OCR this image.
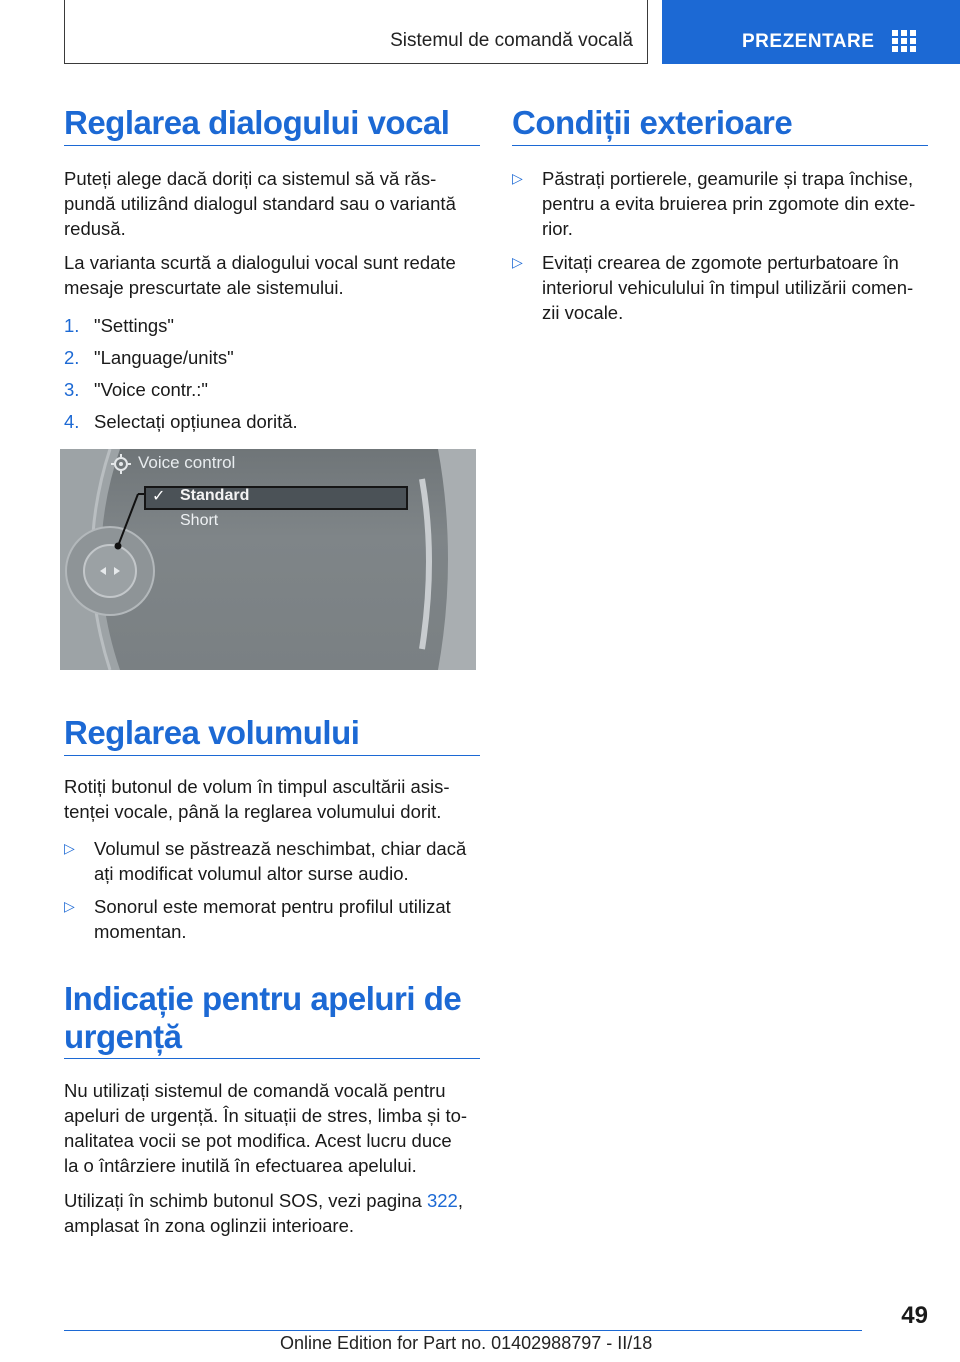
Sistemul de comandă vocală	PREZENTARE
Reglarea dialogului vocal
Puteți alege dacă doriți ca sistemul să vă răs-
pundă utilizând dialogul standard sau o variantă
redusă.
La varianta scurtă a dialogului vocal sunt redate
mesaje prescurtate ale sistemului.
1. "Settings"
2. "Language/units"
3. "Voice contr.:"
4. Selectați opțiunea dorită.
Voice control
✓ Standard
Short
Reglarea volumului
Rotiți butonul de volum în timpul ascultării asis-
tenței vocale, până la reglarea volumului dorit.
▷ Volumul se păstrează neschimbat, chiar dacă
ați modificat volumul altor surse audio.
▷ Sonorul este memorat pentru profilul utilizat
momentan.
Indicație pentru apeluri de
urgență
Nu utilizați sistemul de comandă vocală pentru
apeluri de urgență. În situații de stres, limba și to-
nalitatea vocii se pot modifica. Acest lucru duce
la o întârziere inutilă în efectuarea apelului.
Utilizați în schimb butonul SOS, vezi pagina 322,
amplasat în zona oglinzii interioare.
Condiții exterioare
▷ Păstrați portierele, geamurile și trapa închise,
pentru a evita bruierea prin zgomote din exte-
rior.
▷ Evitați crearea de zgomote perturbatoare în
interiorul vehiculului în timpul utilizării comen-
zii vocale.
49
Online Edition for Part no. 01402988797 - II/18
